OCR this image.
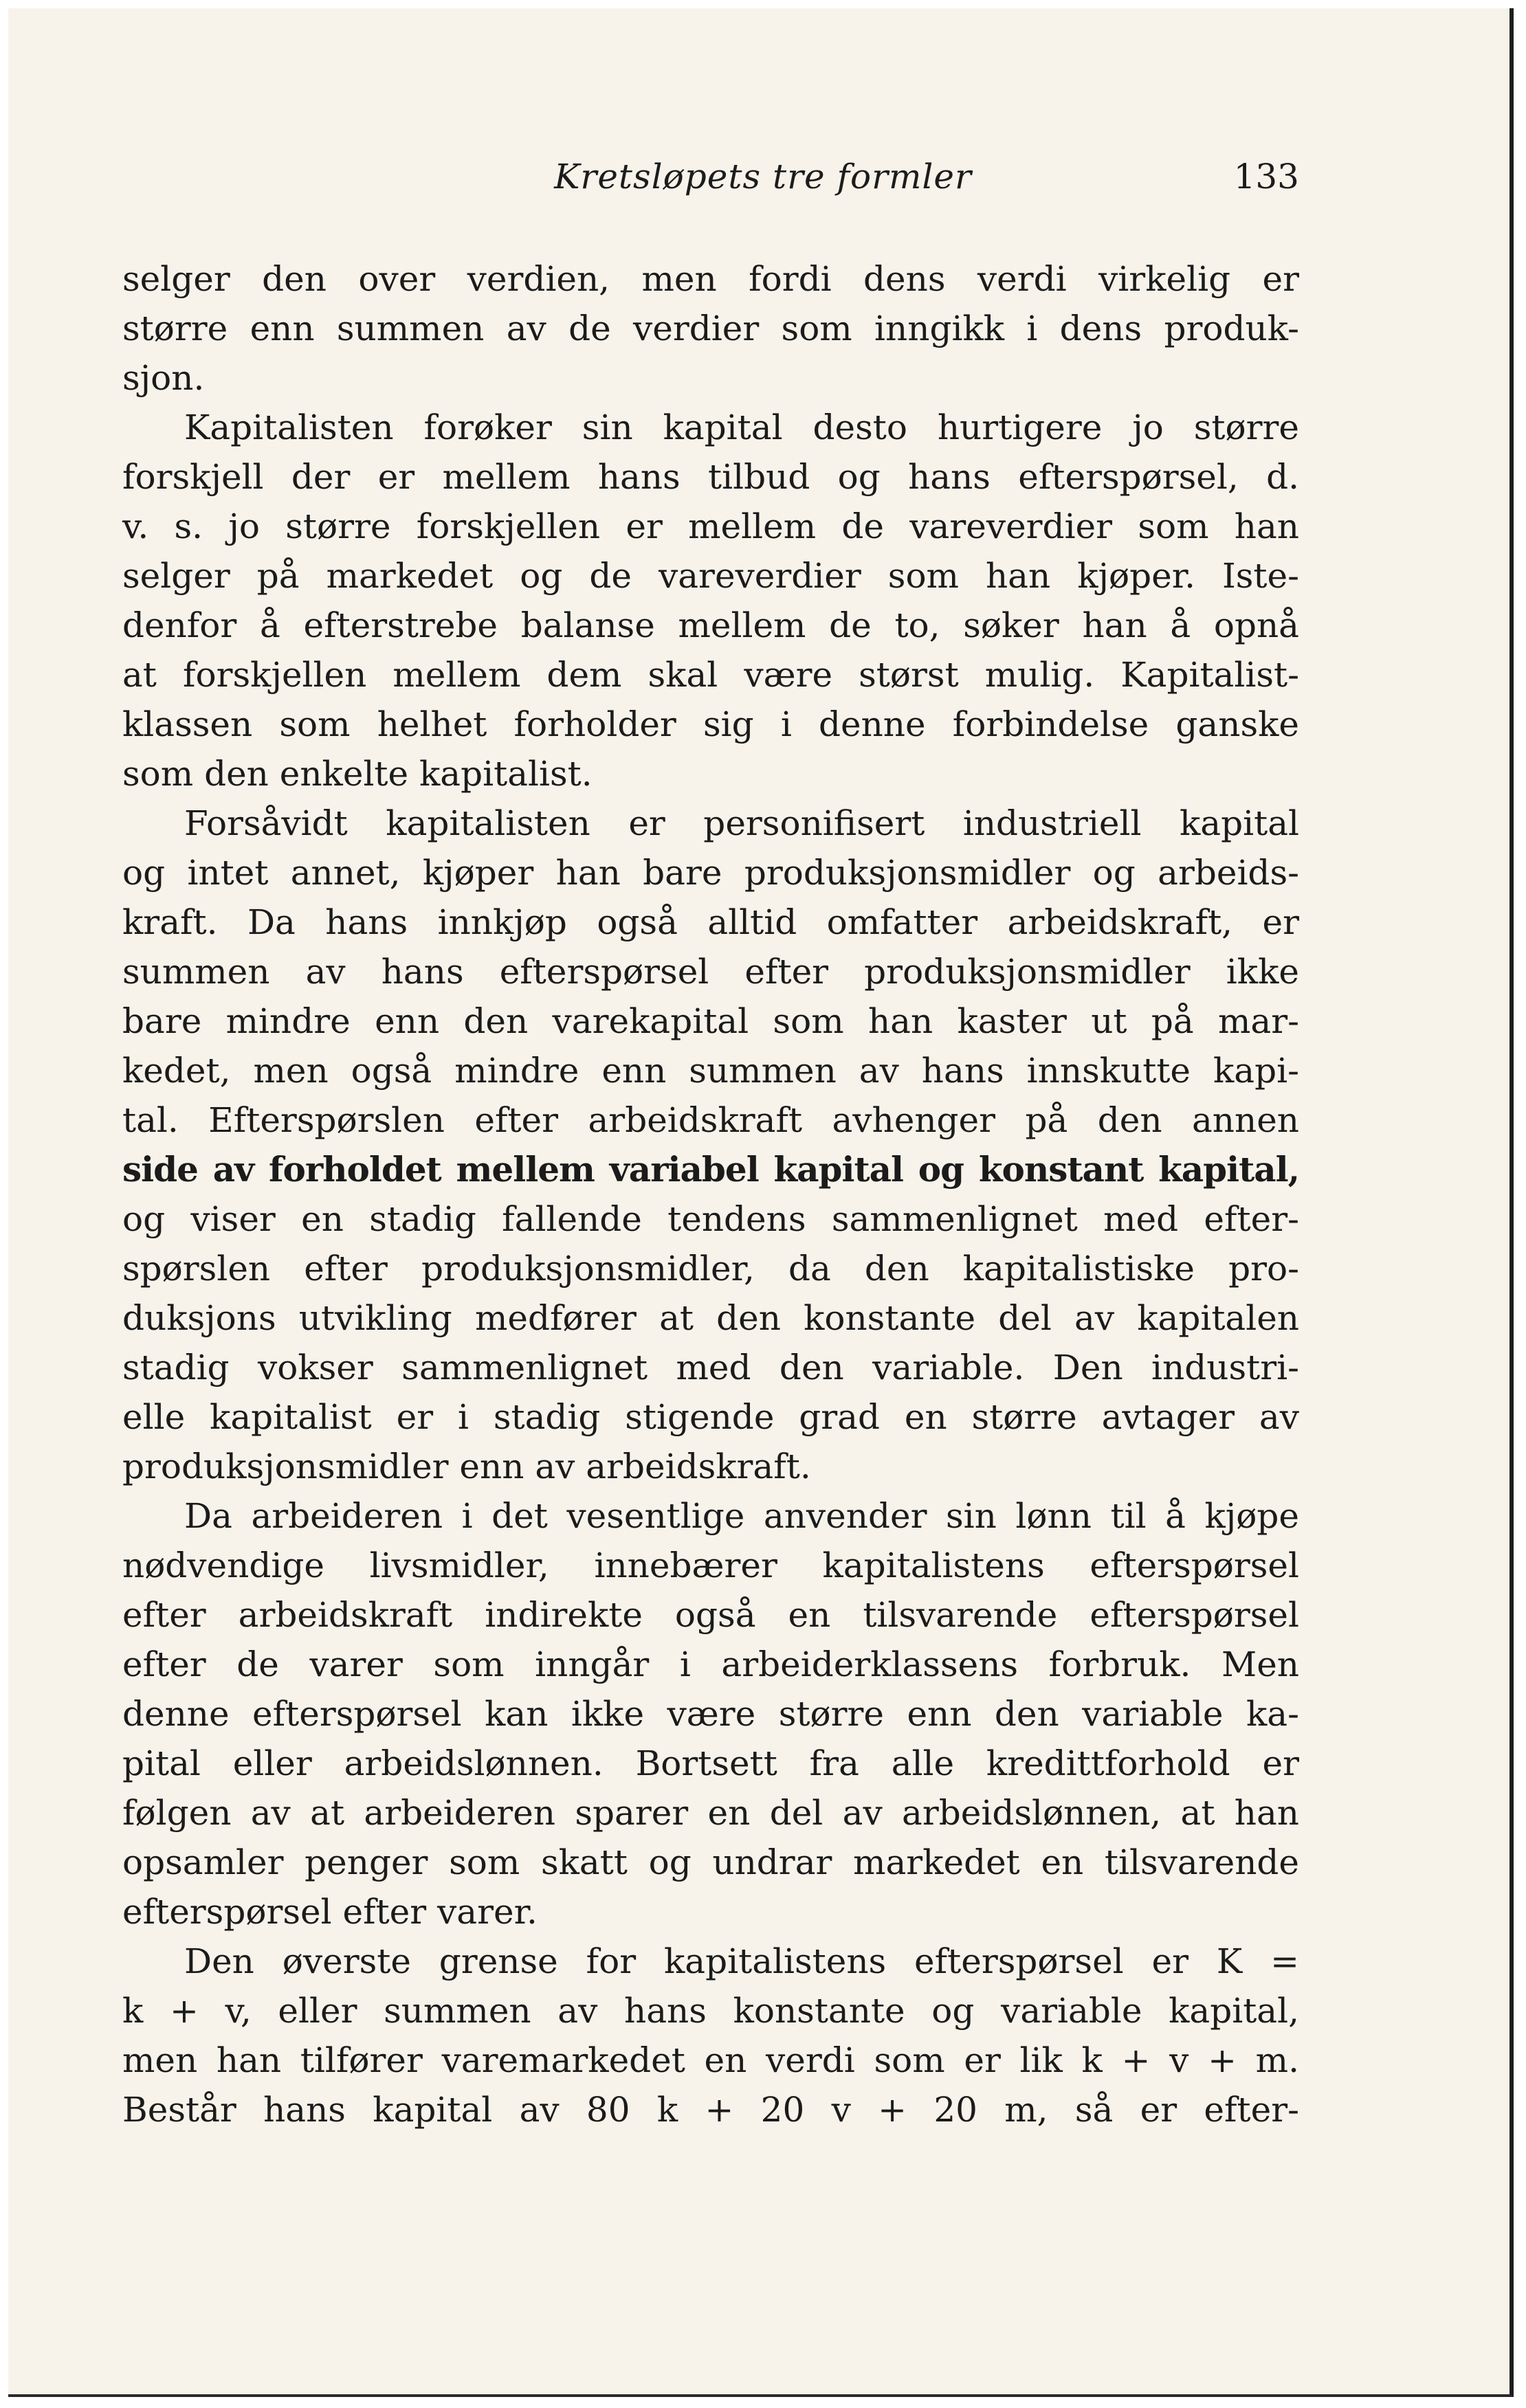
Kretsløpets tre formler	133
selger den over verdien, men fordi dens verdi virkelig er
større enn summen av de verdier som inngikk i dens produk-
sjon.
Kapitalisten forøker sin kapital desto hurtigere jo større
forskjell der er mellem hans tilbud og hans efterspørsel, d.
v. s. jo større forskjellen er mellem de vareverdier som han
selger på markedet og de vareverdier som han kjøper. Iste-
denfor å efterstrebe balanse mellem de to, søker han å opnå
at forskjellen mellem dem skal være størst mulig. Kapitalist-
klassen som helhet forholder sig i denne forbindelse ganske
som den enkelte kapitalist.
Forsåvidt kapitalisten er personifisert industriell kapital
og intet annet, kjøper han bare produksjonsmidler og arbeids-
kraft. Da hans innkjøp også alltid omfatter arbeidskraft, er
summen av hans efterspørsel efter produksjonsmidler ikke
bare mindre enn den varekapital som han kaster ut på mar-
kedet, men også mindre enn summen av hans innskutte kapi-
tal. Efterspørslen efter arbeidskraft avhenger på den annen
side av forholdet mellem variabel kapital og konstant kapital,
og viser en stadig fallende tendens sammenlignet med efter-
spørslen efter produksjonsmidler, da den kapitalistiske pro-
duksjons utvikling medfører at den konstante del av kapitalen
stadig vokser sammenlignet med den variable. Den industri-
elle kapitalist er i stadig stigende grad en større avtager av
produksjonsmidler enn av arbeidskraft.
Da arbeideren i det vesentlige anvender sin lønn til å kjøpe
nødvendige livsmidler, innebærer kapitalistens efterspørsel
efter arbeidskraft indirekte også en tilsvarende efterspørsel
efter de varer som inngår i arbeiderklassens forbruk. Men
denne efterspørsel kan ikke være større enn den variable ka-
pital eller arbeidslønnen. Bortsett fra alle kredittforhold er
følgen av at arbeideren sparer en del av arbeidslønnen, at han
opsamler penger som skatt og undrar markedet en tilsvarende
efterspørsel efter varer.
Den øverste grense for kapitalistens efterspørsel er K =
k + v, eller summen av hans konstante og variable kapital,
men han tilfører varemarkedet en verdi som er lik k + v + m.
Består hans kapital av 80 k + 20 v + 20 m, så er efter-
